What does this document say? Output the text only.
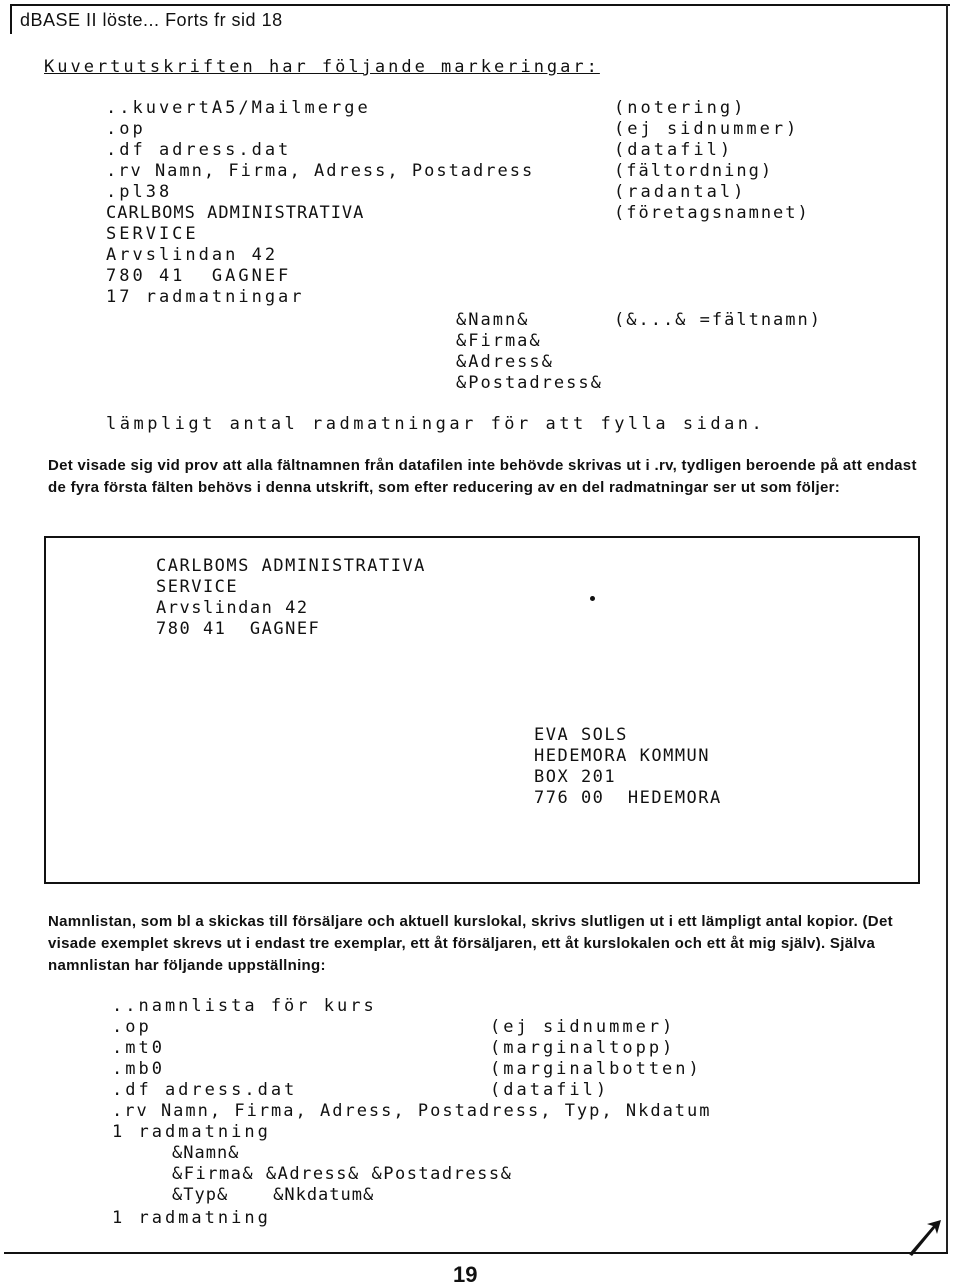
dBASE II löste... Forts fr sid 18
Kuvertutskriften har följande markeringar:
..kuvertA5/Mailmerge	(notering)
.op	(ej sidnummer)
.df adress.dat	(datafil)
.rv Namn, Firma, Adress, Postadress	(fältordning)
.pl38	(radantal)
CARLBOMS ADMINISTRATIVA	(företagsnamnet)
SERVICE
Arvslindan 42
780 41  GAGNEF
17 radmatningar
&Namn&	(&...& =fältnamn)
&Firma&
&Adress&
&Postadress&
lämpligt antal radmatningar för att fylla sidan.
Det visade sig vid prov att alla fältnamnen från datafilen inte behövde skrivas ut i .rv, tydligen beroende på att endast de fyra första fälten behövs i denna utskrift, som efter reducering av en del radmatningar ser ut som följer:
CARLBOMS ADMINISTRATIVA
SERVICE
Arvslindan 42
780 41  GAGNEF
EVA SOLS
HEDEMORA KOMMUN
BOX 201
776 00  HEDEMORA
Namnlistan, som bl a skickas till försäljare och aktuell kurslokal, skrivs slutligen ut i ett lämpligt antal kopior. (Det visade exemplet skrevs ut i endast tre exemplar, ett åt försäljaren, ett åt kurslokalen och ett åt mig själv). Själva namnlistan har följande uppställning:
..namnlista för kurs
.op	(ej sidnummer)
.mt0	(marginaltopp)
.mb0	(marginalbotten)
.df adress.dat	(datafil)
.rv Namn, Firma, Adress, Postadress, Typ, Nkdatum
1 radmatning
&Namn&
&Firma& &Adress& &Postadress&
&Typ&    &Nkdatum&
1 radmatning
19
